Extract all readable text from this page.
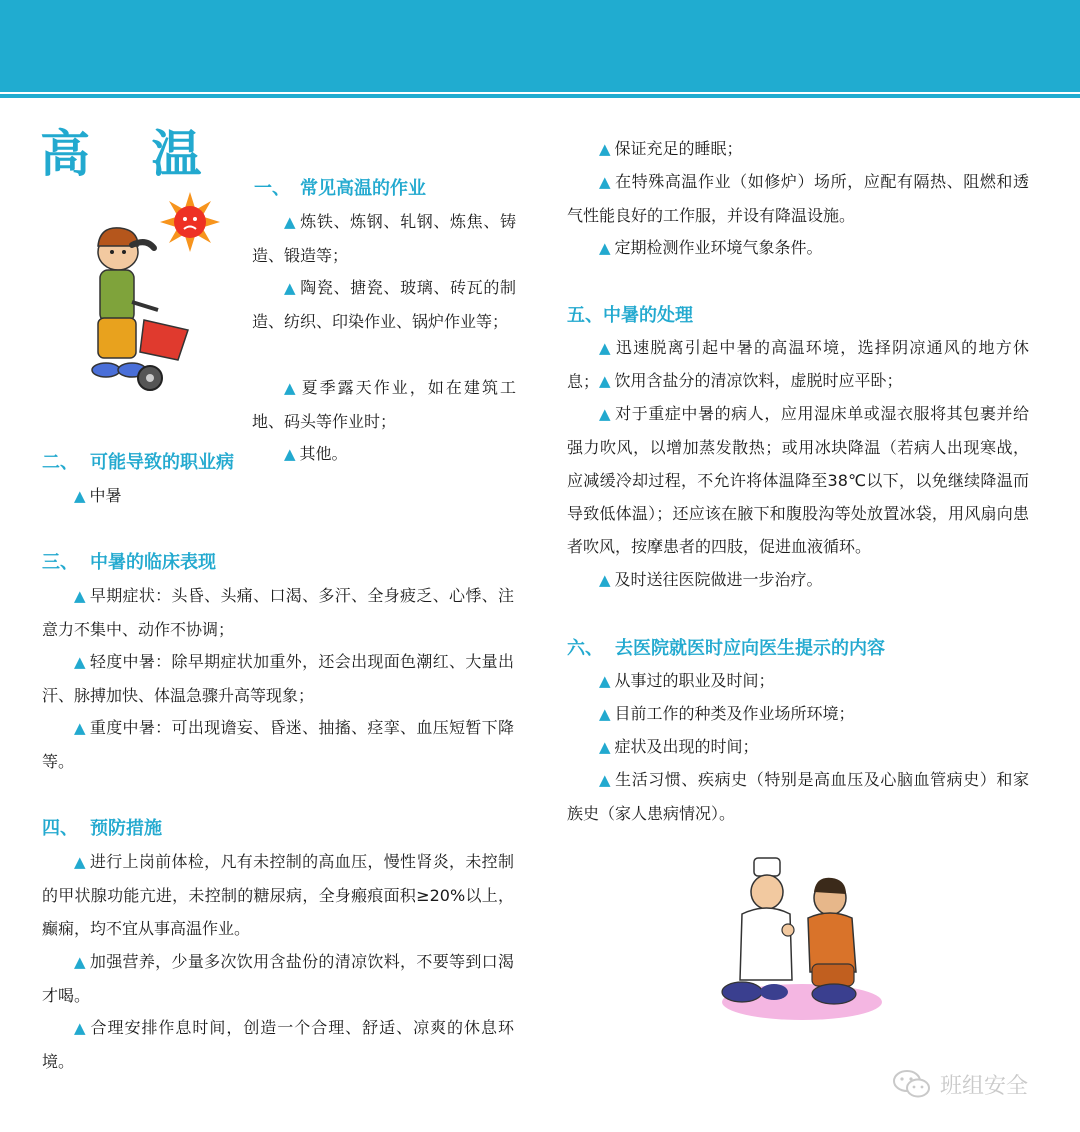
高 温
一、 常见高温的作业
▲ 炼铁、炼钢、轧钢、炼焦、铸造、锻造等；
▲ 陶瓷、搪瓷、玻璃、砖瓦的制造、纺织、印染作业、锅炉作业等；
▲ 夏季露天作业，如在建筑工地、码头等作业时；
▲ 其他。
二、 可能导致的职业病
▲ 中暑
三、 中暑的临床表现
▲ 早期症状：头昏、头痛、口渴、多汗、全身疲乏、心悸、注意力不集中、动作不协调；
▲ 轻度中暑：除早期症状加重外，还会出现面色潮红、大量出汗、脉搏加快、体温急骤升高等现象；
▲ 重度中暑：可出现谵妄、昏迷、抽搐、痉挛、血压短暂下降等。
四、 预防措施
▲ 进行上岗前体检，凡有未控制的高血压，慢性肾炎，未控制的甲状腺功能亢进，未控制的糖尿病，全身瘢痕面积≥20%以上，癫痫，均不宜从事高温作业。
▲ 加强营养，少量多次饮用含盐份的清凉饮料，不要等到口渴才喝。
▲ 合理安排作息时间，创造一个合理、舒适、凉爽的休息环境。
▲ 保证充足的睡眠；
▲ 在特殊高温作业（如修炉）场所，应配有隔热、阻燃和透气性能良好的工作服，并设有降温设施。
▲ 定期检测作业环境气象条件。
五、中暑的处理
▲ 迅速脱离引起中暑的高温环境，选择阴凉通风的地方休息； ▲ 饮用含盐分的清凉饮料，虚脱时应平卧；
▲ 对于重症中暑的病人，应用湿床单或湿衣服将其包裹并给强力吹风，以增加蒸发散热；或用冰块降温（若病人出现寒战，应减缓冷却过程，不允许将体温降至38℃以下，以免继续降温而导致低体温）；还应该在腋下和腹股沟等处放置冰袋，用风扇向患者吹风，按摩患者的四肢，促进血液循环。
▲ 及时送往医院做进一步治疗。
六、 去医院就医时应向医生提示的内容
▲ 从事过的职业及时间；
▲ 目前工作的种类及作业场所环境；
▲ 症状及出现的时间；
▲ 生活习惯、疾病史（特别是高血压及心脑血管病史）和家族史（家人患病情况）。
班组安全
